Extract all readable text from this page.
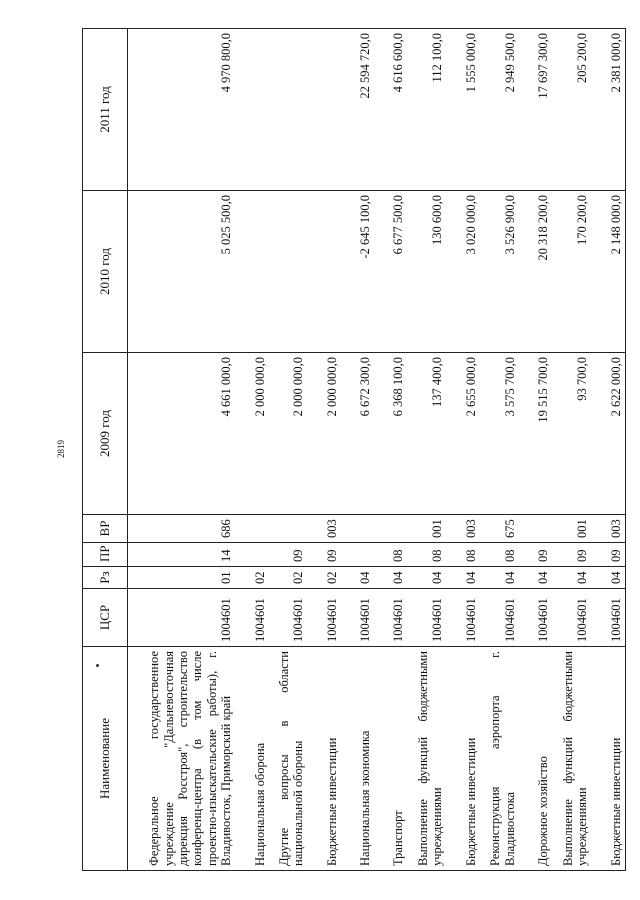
2819
Наименование	ЦСР	Рз	ПР	ВР	2009 год	2010 год	2011 год
Федеральное государственное учреждение "Дальневосточная дирекция Росстроя", строительство конференц-центра (в том числе проектно-изыскательские работы), г. Владивосток, Приморский край	1004601	01	14	686	4 661 000,0	5 025 500,0	4 970 800,0
Национальная оборона	1004601	02			2 000 000,0		
Другие вопросы в области национальной обороны	1004601	02	09		2 000 000,0		
Бюджетные инвестиции	1004601	02	09	003	2 000 000,0		
Национальная экономика	1004601	04			6 672 300,0	-2 645 100,0	22 594 720,0
Транспорт	1004601	04	08		6 368 100,0	6 677 500,0	4 616 600,0
Выполнение функций бюджетными учреждениями	1004601	04	08	001	137 400,0	130 600,0	112 100,0
Бюджетные инвестиции	1004601	04	08	003	2 655 000,0	3 020 000,0	1 555 000,0
Реконструкция аэропорта г. Владивостока	1004601	04	08	675	3 575 700,0	3 526 900,0	2 949 500,0
Дорожное хозяйство	1004601	04	09		19 515 700,0	20 318 200,0	17 697 300,0
Выполнение функций бюджетными учреждениями	1004601	04	09	001	93 700,0	170 200,0	205 200,0
Бюджетные инвестиции	1004601	04	09	003	2 622 000,0	2 148 000,0	2 381 000,0
